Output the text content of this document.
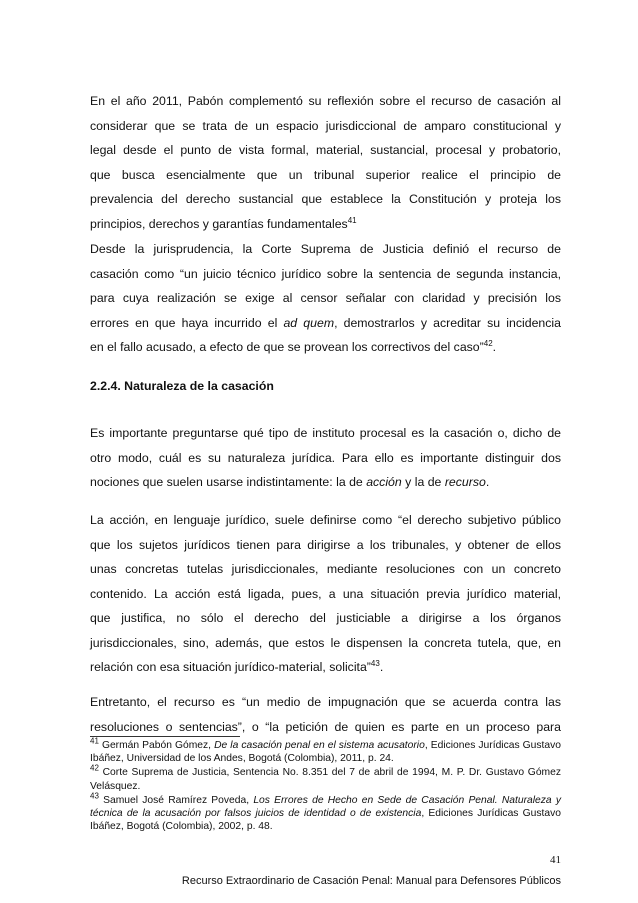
En el año 2011, Pabón complementó su reflexión sobre el recurso de casación al
considerar que se trata de un espacio jurisdiccional de amparo constitucional y
legal desde el punto de vista formal, material, sustancial, procesal y probatorio,
que busca esencialmente que un tribunal superior realice el principio de
prevalencia del derecho sustancial que establece la Constitución y proteja los
principios, derechos y garantías fundamentales$^{41}$

Desde la jurisprudencia, la Corte Suprema de Justicia definió el recurso de
casación como “un juicio técnico jurídico sobre la sentencia de segunda instancia,
para cuya realización se exige al censor señalar con claridad y precisión los
errores en que haya incurrido el ad quem, demostrarlos y acreditar su incidencia
en el fallo acusado, a efecto de que se provean los correctivos del caso”$^{42}$.

2.2.4. Naturaleza de la casación

Es importante preguntarse qué tipo de instituto procesal es la casación o, dicho de
otro modo, cuál es su naturaleza jurídica. Para ello es importante distinguir dos
nociones que suelen usarse indistintamente: la de acción y la de recurso.

La acción, en lenguaje jurídico, suele definirse como “el derecho subjetivo público
que los sujetos jurídicos tienen para dirigirse a los tribunales, y obtener de ellos
unas concretas tutelas jurisdiccionales, mediante resoluciones con un concreto
contenido. La acción está ligada, pues, a una situación previa jurídico material,
que justifica, no sólo el derecho del justiciable a dirigirse a los órganos
jurisdiccionales, sino, además, que estos le dispensen la concreta tutela, que, en
relación con esa situación jurídico-material, solicita”$^{43}$.

Entretanto, el recurso es “un medio de impugnación que se acuerda contra las
resoluciones o sentencias”, o “la petición de quien es parte en un proceso para

$^{41}$ Germán Pabón Gómez, De la casación penal en el sistema acusatorio, Ediciones Jurídicas Gustavo Ibáñez, Universidad de los Andes, Bogotá (Colombia), 2011, p. 24.

$^{42}$ Corte Suprema de Justicia, Sentencia No. 8.351 del 7 de abril de 1994, M. P. Dr. Gustavo Gómez Velásquez.

$^{43}$ Samuel José Ramírez Poveda, Los Errores de Hecho en Sede de Casación Penal. Naturaleza y técnica de la acusación por falsos juicios de identidad o de existencia, Ediciones Jurídicas Gustavo Ibáñez, Bogotá (Colombia), 2002, p. 48.

41
Recurso Extraordinario de Casación Penal: Manual para Defensores Públicos
